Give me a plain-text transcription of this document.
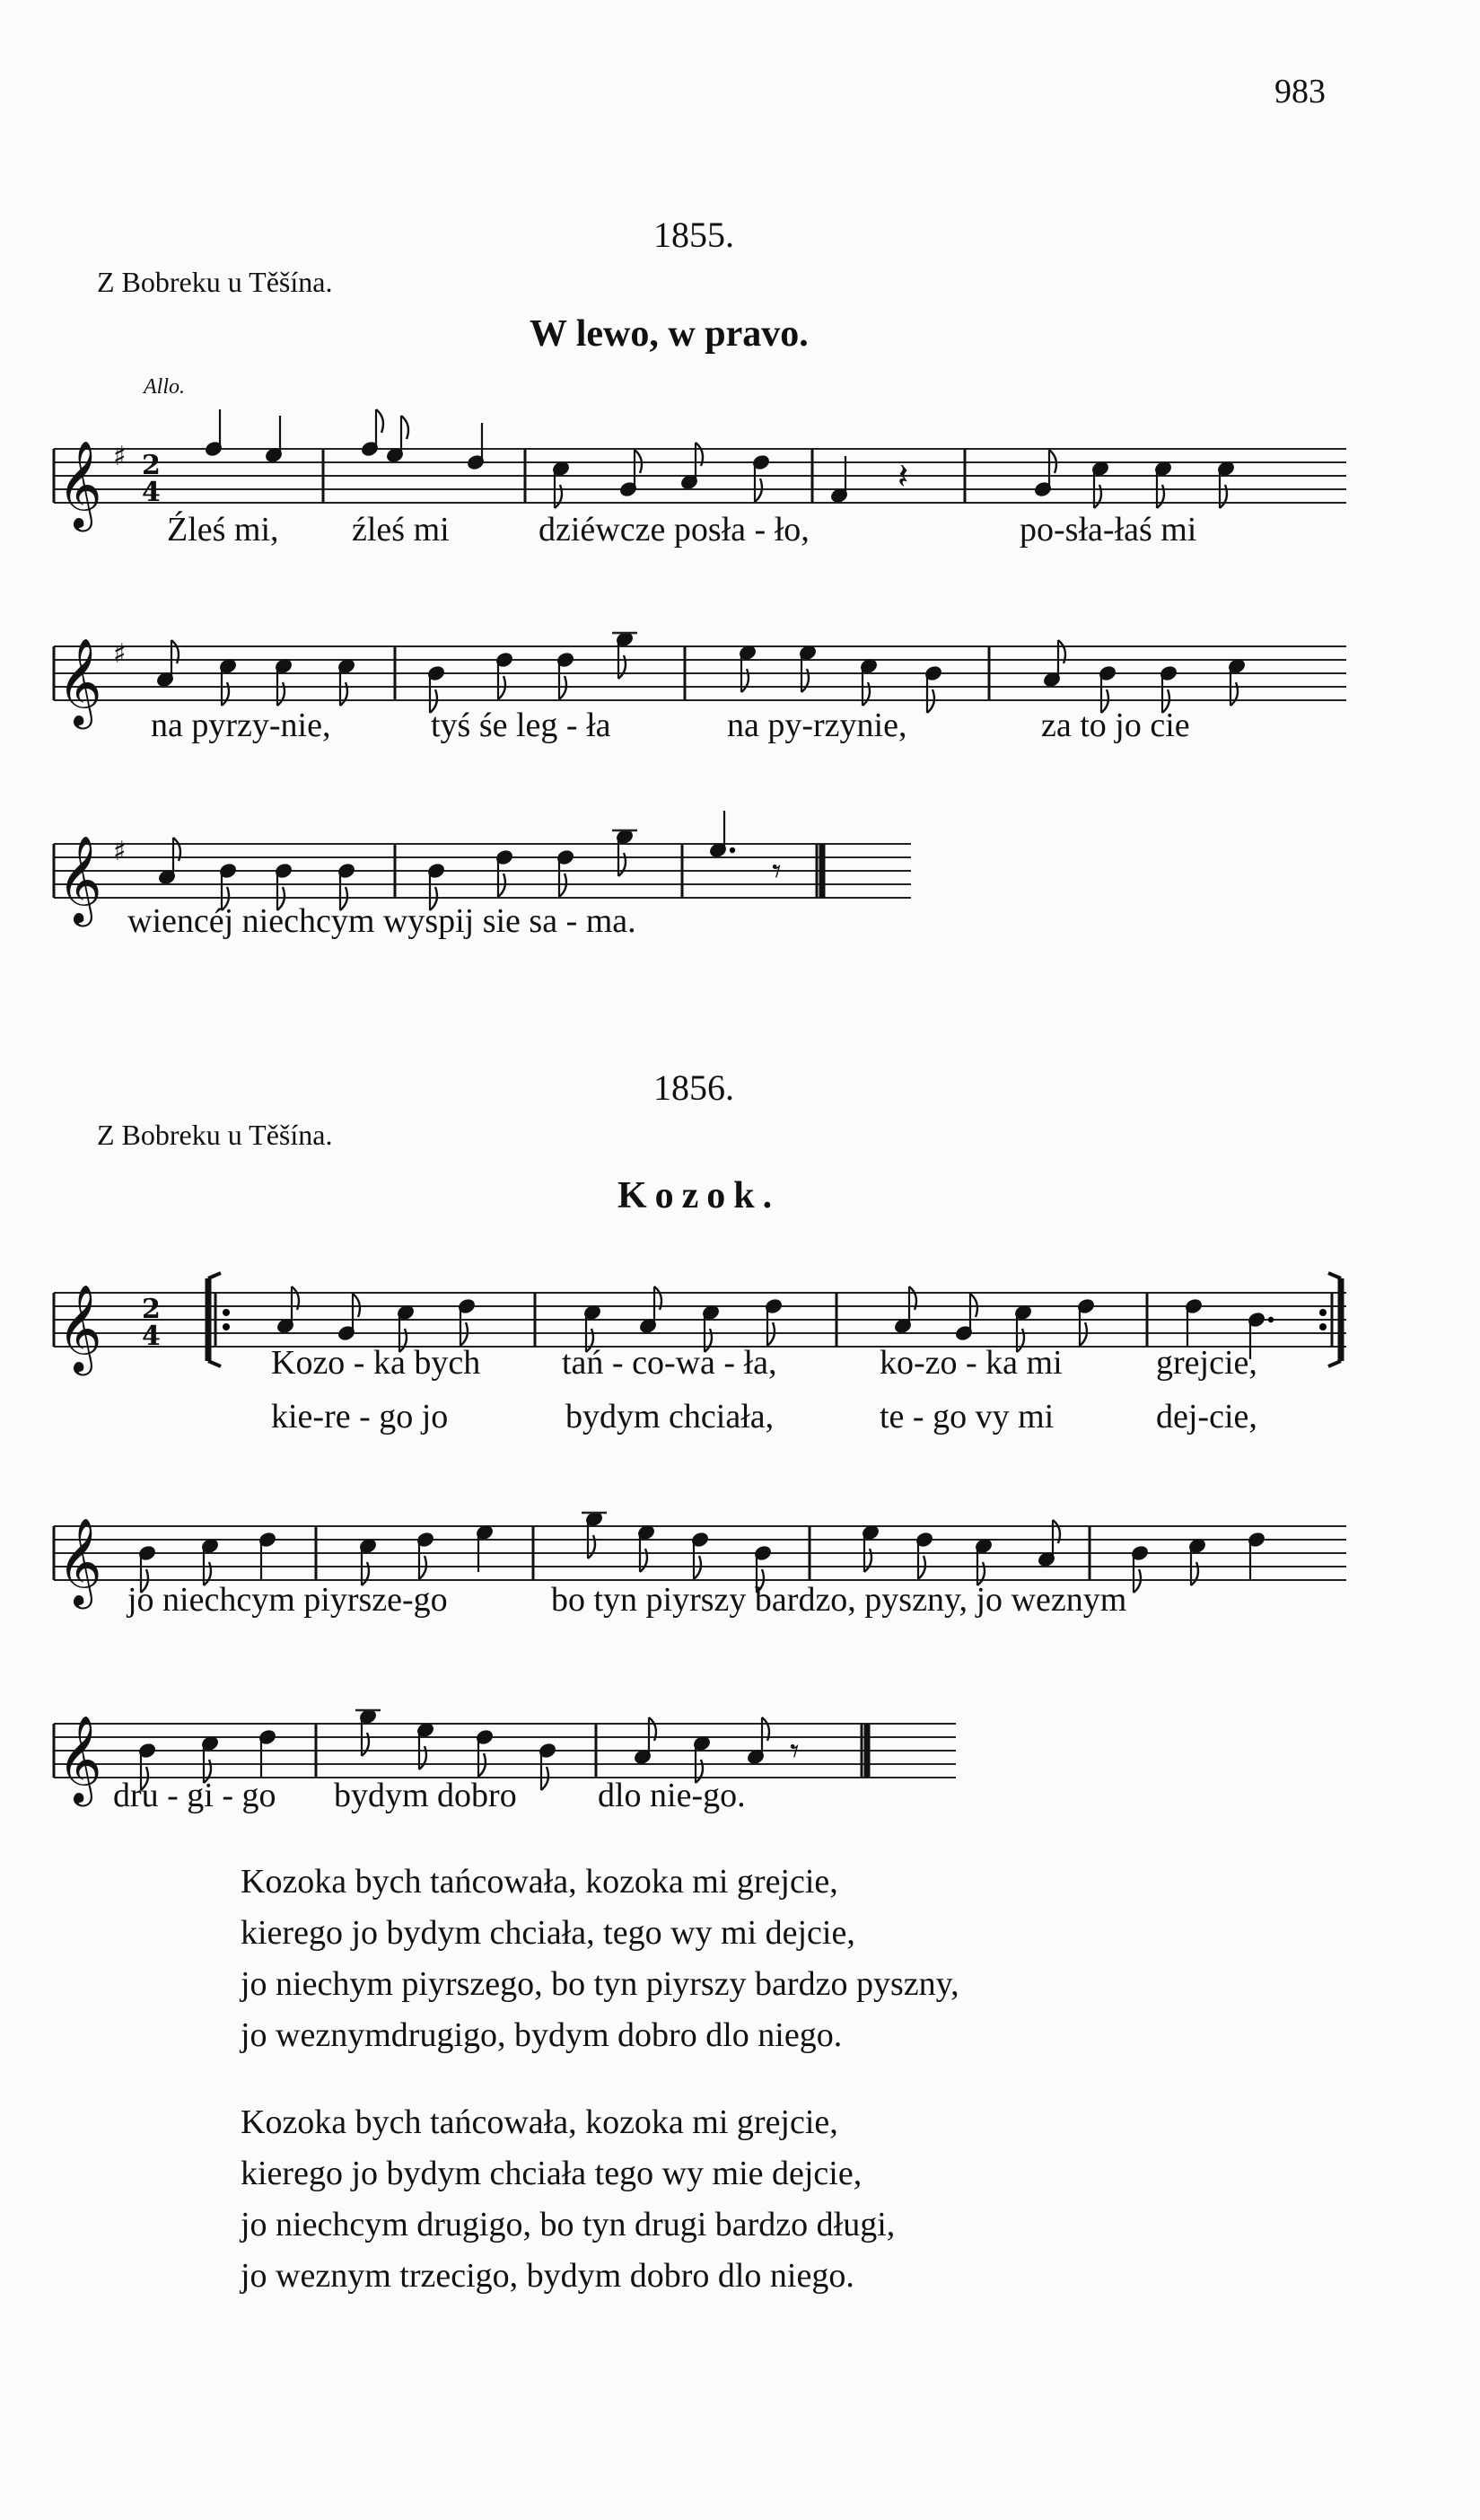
983
1855.
Z Bobreku u Těšína.
W lewo, w pravo.
Allo.
𝄞 ♯ 2
4	𝄽
Źleś mi, źleś mi	dziéwcze posła - ło,	po-sła-łaś mi
𝄞 ♯
na pyrzy-nie,	tyś śe leg - ła	na py-rzynie,	za to jo cie
𝄞 ♯	𝄾
wiencéj niechcym wyspij sie sa - ma.
1856.
Z Bobreku u Těšína.
Kozok.
𝄞 2
4
Kozo - ka bych tań - co-wa - ła,	ko-zo - ka mi	grejcie,
kie-re - go jo	bydym chciała,	te - go vy mi	dej-cie,
𝄞 jo niechcym piyrsze-go	bo tyn piyrszy bardzo, pyszny, jo weznym
𝄞	𝄾
dru - gi - go bydym dobro dlo nie-go.
Kozoka bych tańcowała, kozoka mi grejcie,
kierego jo bydym chciała, tego wy mi dejcie,
jo niechym piyrszego, bo tyn piyrszy bardzo pyszny,
jo weznymdrugigo, bydym dobro dlo niego.
Kozoka bych tańcowała, kozoka mi grejcie,
kierego jo bydym chciała tego wy mie dejcie,
jo niechcym drugigo, bo tyn drugi bardzo długi,
jo weznym trzecigo, bydym dobro dlo niego.
